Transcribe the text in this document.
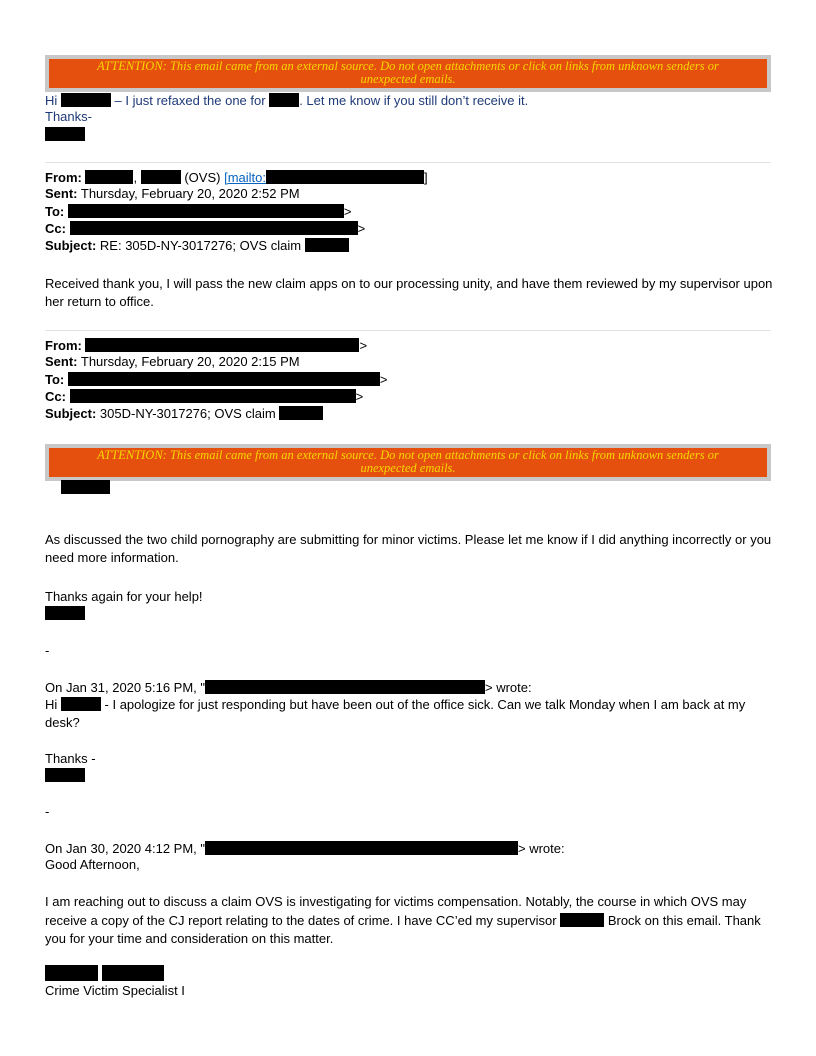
ATTENTION: This email came from an external source. Do not open attachments or click on links from unknown senders or unexpected emails.
Hi	– I just refaxed the one for	. Let me know if you still don’t receive it.
Thanks-
From:	,	(OVS) [mailto:	]
Sent: Thursday, February 20, 2020 2:52 PM
To:	>
Cc:	>
Subject: RE: 305D-NY-3017276; OVS claim
Received thank you, I will pass the new claim apps on to our processing unity, and have them reviewed by my supervisor upon her return to office.
From:	>
Sent: Thursday, February 20, 2020 2:15 PM
To:	>
Cc:	>
Subject: 305D-NY-3017276; OVS claim
ATTENTION: This email came from an external source. Do not open attachments or click on links from unknown senders or unexpected emails.
As discussed the two child pornography are submitting for minor victims. Please let me know if I did anything incorrectly or you need more information.
Thanks again for your help!
-
On Jan 31, 2020 5:16 PM, "	> wrote:
Hi	- I apologize for just responding but have been out of the office sick. Can we talk Monday when I am back at my desk?
Thanks -
-
On Jan 30, 2020 4:12 PM, "	> wrote:
Good Afternoon,
I am reaching out to discuss a claim OVS is investigating for victims compensation. Notably, the course in which OVS may receive a copy of the CJ report relating to the dates of crime. I have CC’ed my supervisor	Brock on this email. Thank you for your time and consideration on this matter.
Crime Victim Specialist I
